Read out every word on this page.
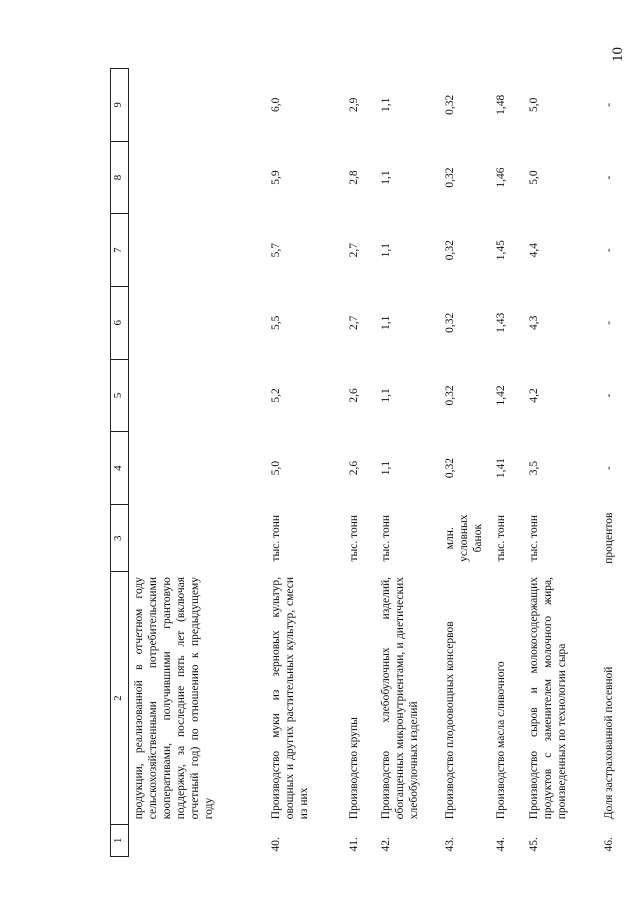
10
1	2	3	4	5	6	7	8	9
	продукции, реализованной в отчетном году сельскохозяйственными потребительскими кооперативами, получившими грантовую поддержку, за последние пять лет (включая отчетный год) по отношению к предыдущему году							
40.	Производство муки из зерновых культур, овощных и других растительных культур, смеси из них	тыс. тонн	5,0	5,2	5,5	5,7	5,9	6,0
41.	Производство крупы	тыс. тонн	2,6	2,6	2,7	2,7	2,8	2,9
42.	Производство хлебобулочных изделий, обогащенных микронутриентами, и диетических хлебобулочных изделий	тыс. тонн	1,1	1,1	1,1	1,1	1,1	1,1
43.	Производство плодоовощных консервов	млн. условных банок	0,32	0,32	0,32	0,32	0,32	0,32
44.	Производство масла сливочного	тыс. тонн	1,41	1,42	1,43	1,45	1,46	1,48
45.	Производство сыров и молокосодержащих продуктов с заменителем молочного жира, произведенных по технологии сыра	тыс. тонн	3,5	4,2	4,3	4,4	5,0	5,0
46.	Доля застрахованной посевной	процентов	-	-	-	-	-	-
